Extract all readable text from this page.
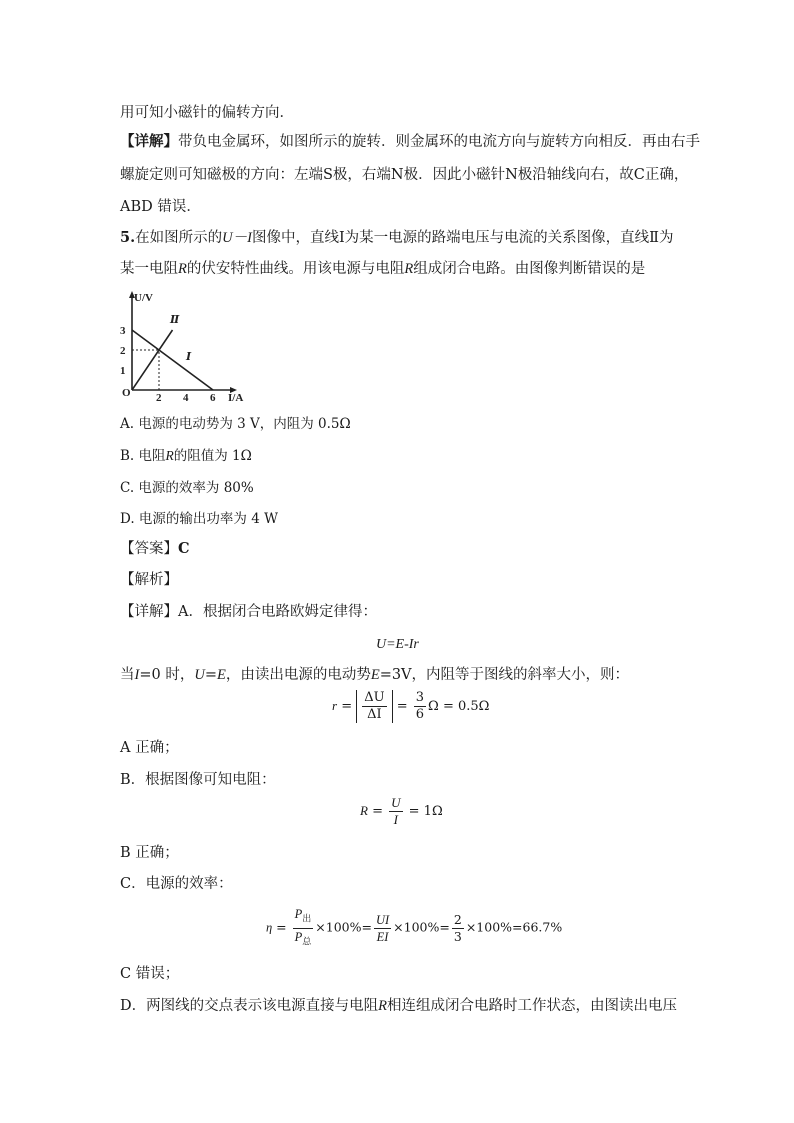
用可知小磁针的偏转方向．
【详解】带负电金属环，如图所示的旋转．则金属环的电流方向与旋转方向相反．再由右手
螺旋定则可知磁极的方向：左端S极，右端N极．因此小磁针N极沿轴线向右，故C正确，
ABD 错误．
5.在如图所示的U－I图像中，直线Ⅰ为某一电源的路端电压与电流的关系图像，直线Ⅱ为
某一电阻R的伏安特性曲线。用该电源与电阻R组成闭合电路。由图像判断错误的是
U/V
I/A
O
3
2
1
2 4 6
Ⅱ
Ⅰ
A. 电源的电动势为 3 V，内阻为 0.5Ω
B. 电阻R的阻值为 1Ω
C. 电源的效率为 80%
D. 电源的输出功率为 4 W
【答案】C
【解析】
【详解】A．根据闭合电路欧姆定律得：
U=E-Ir
当I=0 时，U=E，由读出电源的电动势E=3V，内阻等于图线的斜率大小，则：
$r = \frac{\Delta U}{\Delta I} = \frac{3}{6}$ Ω = 0.5Ω
A 正确；
B．根据图像可知电阻：
$R = \frac{U}{I} = 1\Omega$
B 正确；
C．电源的效率：
$\eta = \frac{P_出}{P_总} \times 100\%= \frac{UI}{EI} \times 100\%= \frac{2}{3} \times 100\%=66.7\%$
C 错误；
D．两图线的交点表示该电源直接与电阻R相连组成闭合电路时工作状态，由图读出电压
